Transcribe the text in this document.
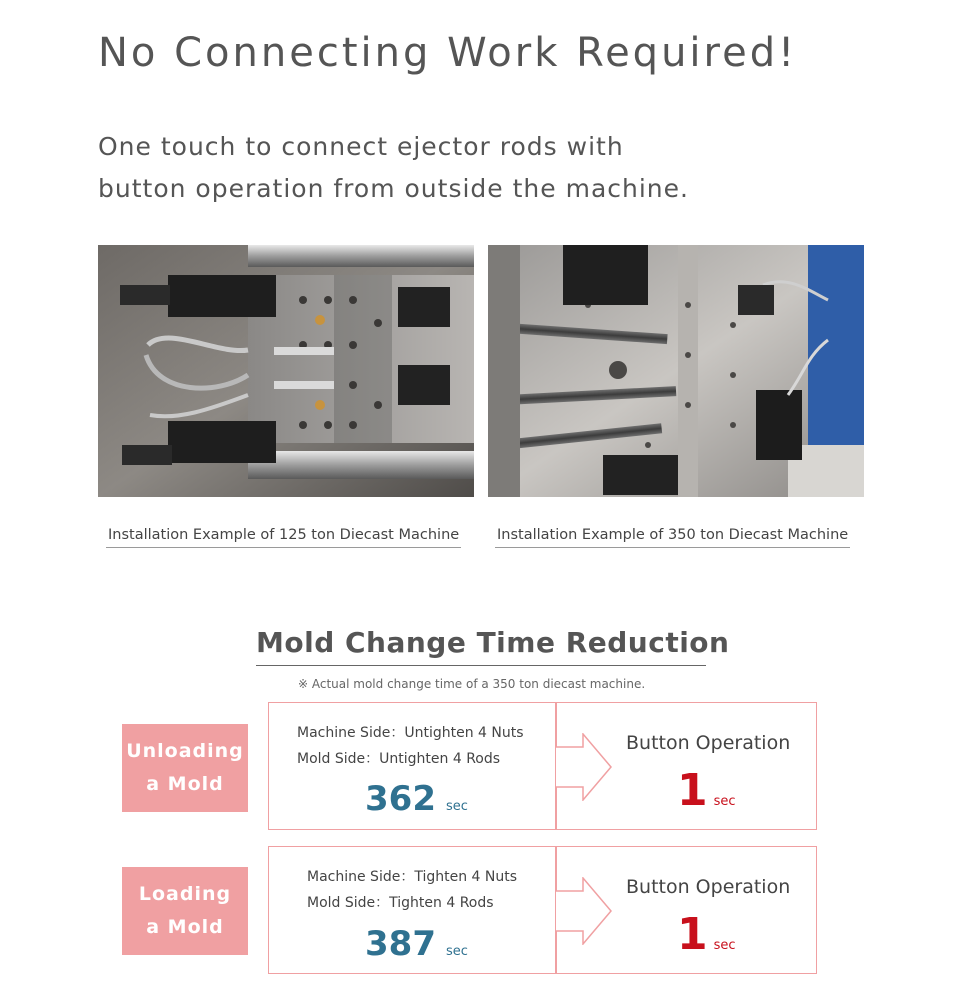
No Connecting Work Required!
One touch to connect ejector rods with
button operation from outside the machine.
Installation Example of 125 ton Diecast Machine	Installation Example of 350 ton Diecast Machine
Mold Change Time Reduction
※ Actual mold change time of a 350 ton diecast machine.
Unloading
a Mold
Machine Side：Untighten 4 Nuts
Mold Side：Untighten 4 Rods
362 sec
Button Operation
1 sec
Loading
a Mold
Machine Side：Tighten 4 Nuts
Mold Side：Tighten 4 Rods
387 sec
Button Operation
1 sec
